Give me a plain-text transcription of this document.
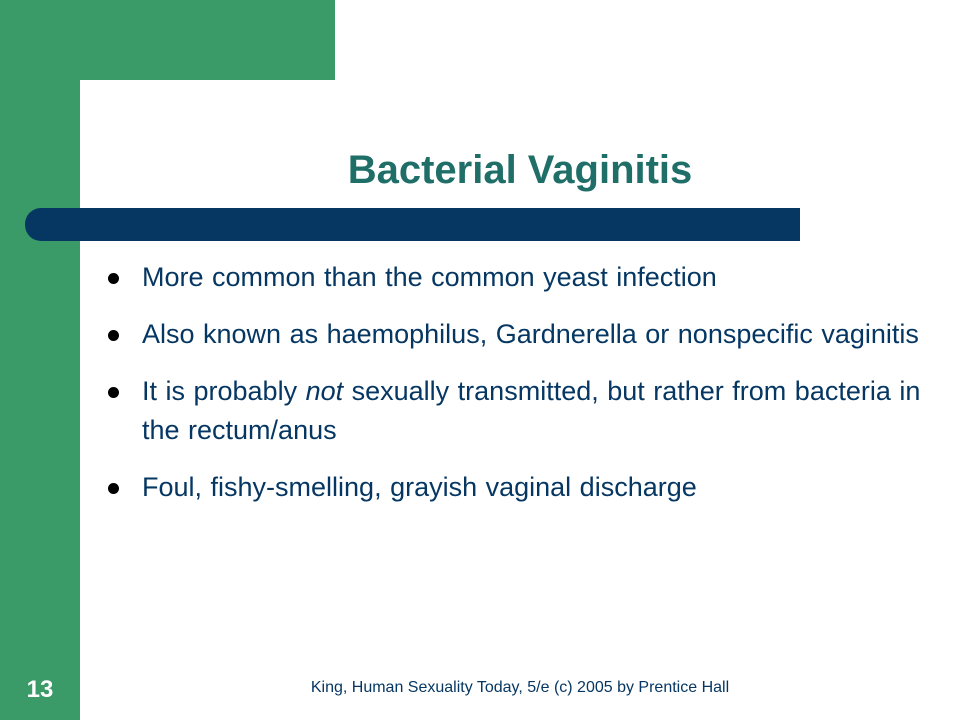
Bacterial Vaginitis
More common than the common yeast infection
Also known as haemophilus, Gardnerella or nonspecific vaginitis
It is probably not sexually transmitted, but rather from bacteria in the rectum/anus
Foul, fishy-smelling, grayish vaginal discharge
13	King, Human Sexuality Today, 5/e (c) 2005 by Prentice Hall
